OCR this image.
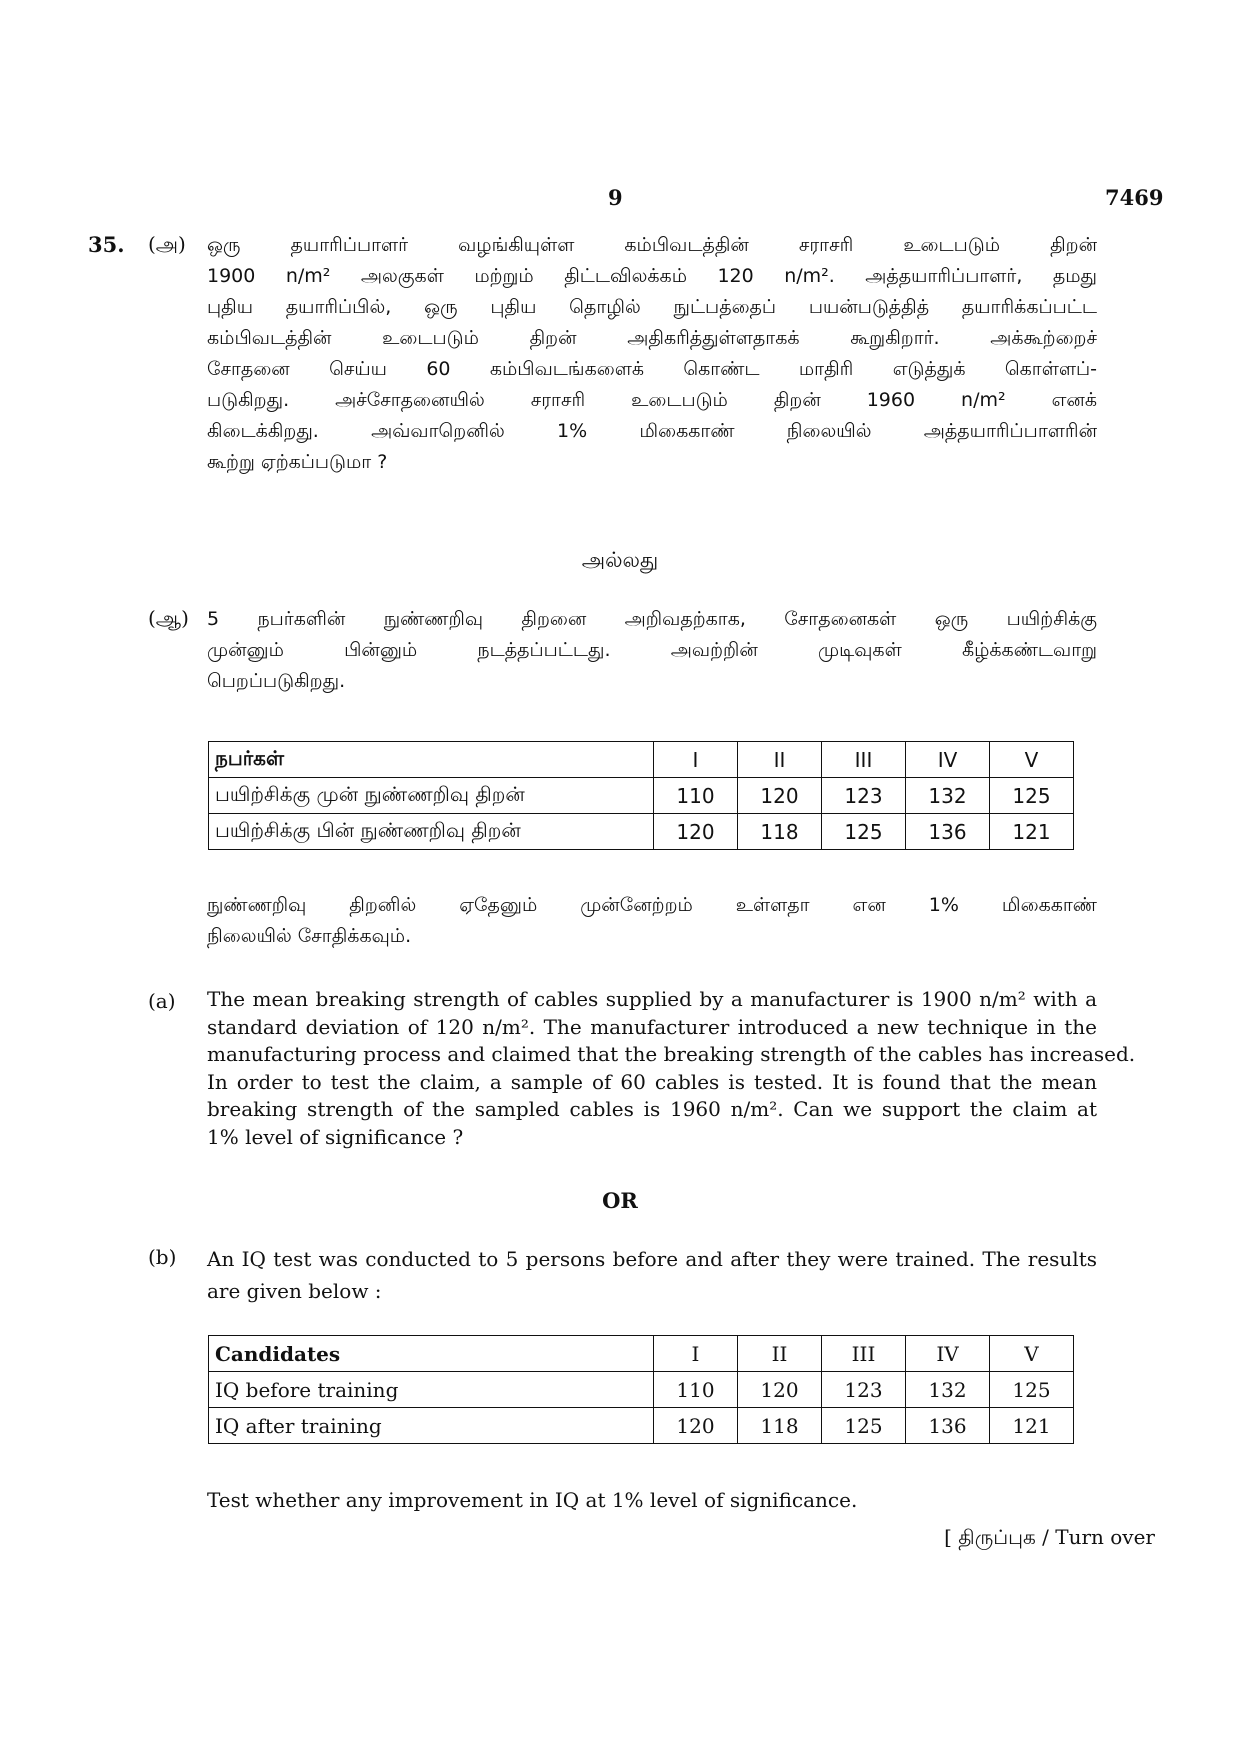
9	7469
35. (அ) ஒரு தயாரிப்பாளர் வழங்கியுள்ள கம்பிவடத்தின் சராசரி உடைபடும் திறன்
1900 n/m² அலகுகள் மற்றும் திட்டவிலக்கம் 120 n/m². அத்தயாரிப்பாளர், தமது
புதிய தயாரிப்பில், ஒரு புதிய தொழில் நுட்பத்தைப் பயன்படுத்தித் தயாரிக்கப்பட்ட
கம்பிவடத்தின் உடைபடும் திறன் அதிகரித்துள்ளதாகக் கூறுகிறார். அக்கூற்றைச்
சோதனை செய்ய 60 கம்பிவடங்களைக் கொண்ட மாதிரி எடுத்துக் கொள்ளப்-
படுகிறது. அச்சோதனையில் சராசரி உடைபடும் திறன் 1960 n/m² எனக்
கிடைக்கிறது. அவ்வாறெனில் 1% மிகைகாண் நிலையில் அத்தயாரிப்பாளரின்
கூற்று ஏற்கப்படுமா ?
அல்லது
(ஆ) 5 நபர்களின் நுண்ணறிவு திறனை அறிவதற்காக, சோதனைகள் ஒரு பயிற்சிக்கு
முன்னும் பின்னும் நடத்தப்பட்டது. அவற்றின் முடிவுகள் கீழ்க்கண்டவாறு
பெறப்படுகிறது.
நபர்கள்	I	II	III	IV	V
பயிற்சிக்கு முன் நுண்ணறிவு திறன்	110	120	123	132	125
பயிற்சிக்கு பின் நுண்ணறிவு திறன்	120	118	125	136	121
நுண்ணறிவு திறனில் ஏதேனும் முன்னேற்றம் உள்ளதா என 1% மிகைகாண்
நிலையில் சோதிக்கவும்.
(a) The mean breaking strength of cables supplied by a manufacturer is 1900 n/m² with a
standard deviation of 120 n/m². The manufacturer introduced a new technique in the
manufacturing process and claimed that the breaking strength of the cables has increased.
In order to test the claim, a sample of 60 cables is tested. It is found that the mean
breaking strength of the sampled cables is 1960 n/m². Can we support the claim at
1% level of significance ?
OR
(b) An IQ test was conducted to 5 persons before and after they were trained. The results
are given below :
Candidates	I	II	III	IV	V
IQ before training	110	120	123	132	125
IQ after training	120	118	125	136	121
Test whether any improvement in IQ at 1% level of significance.
[ திருப்புக / Turn over
